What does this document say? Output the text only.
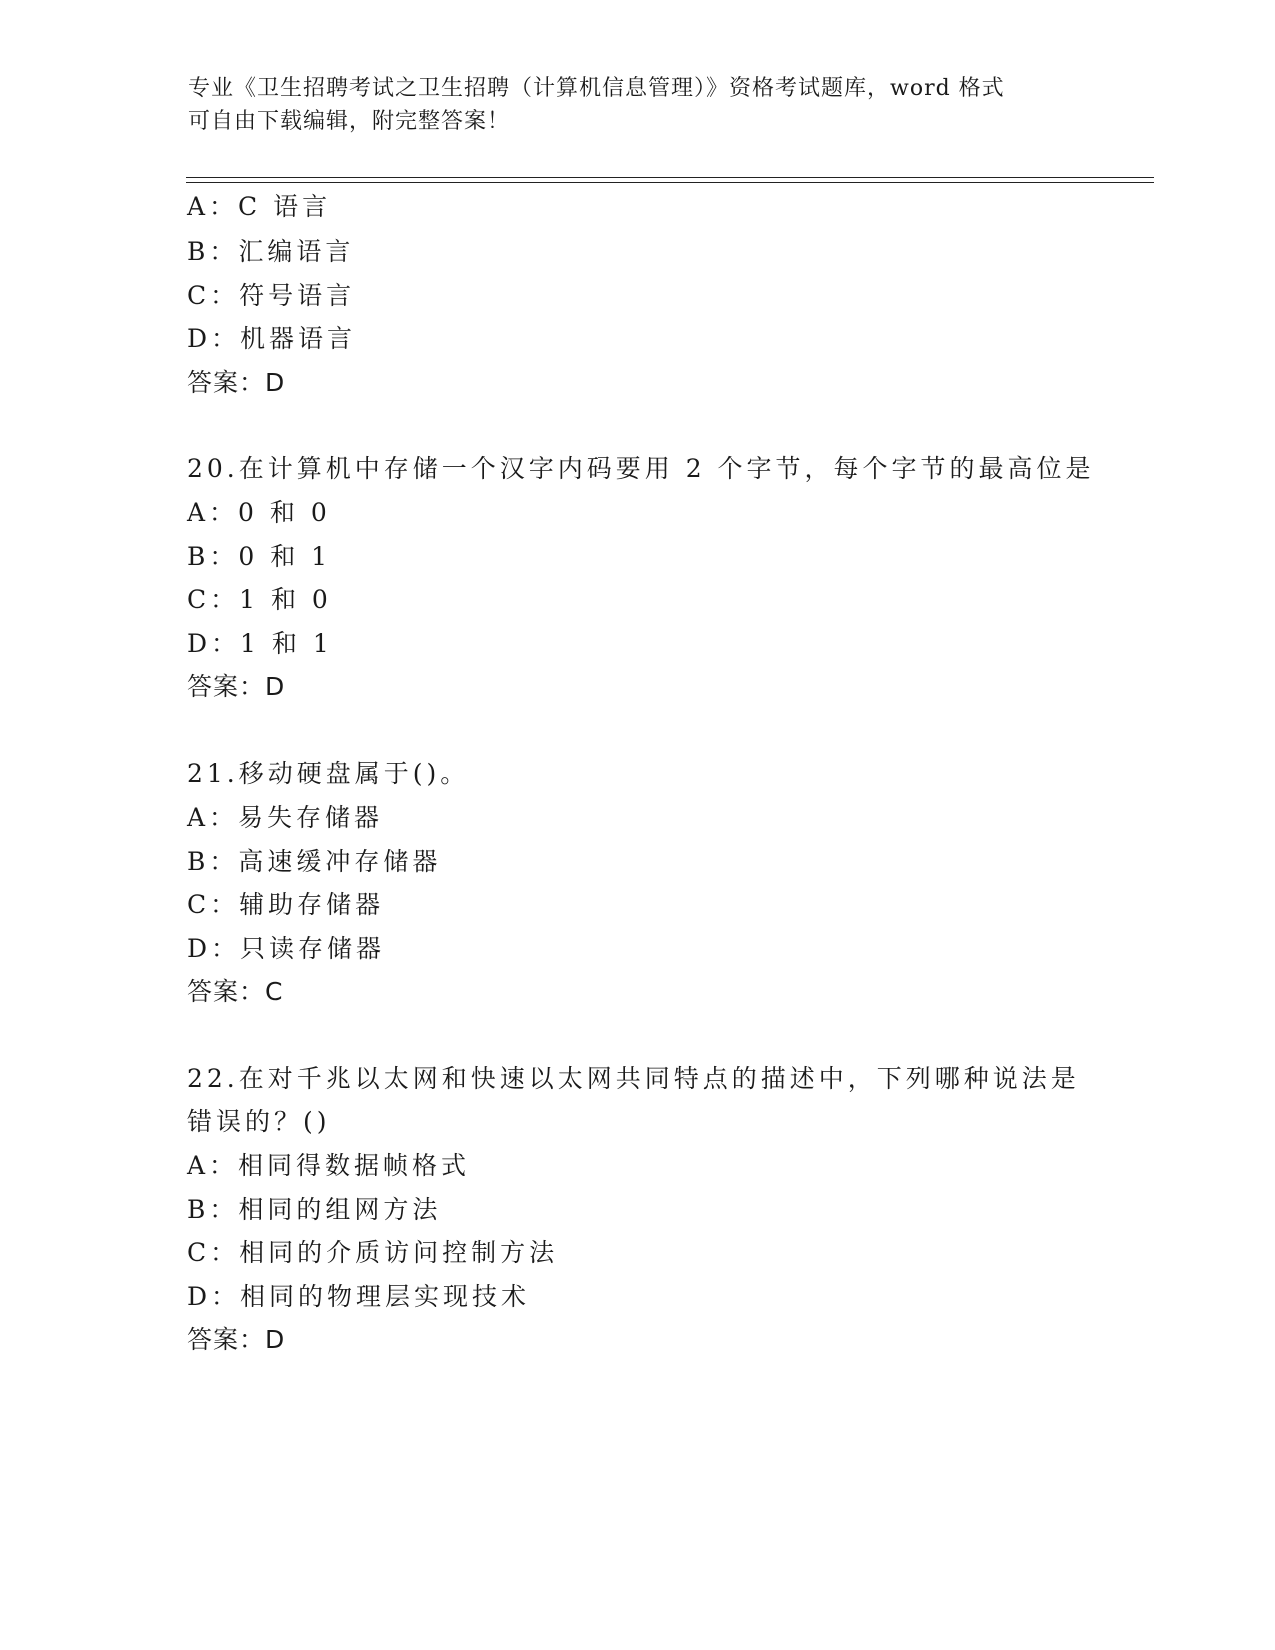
专业《卫生招聘考试之卫生招聘（计算机信息管理）》资格考试题库，word 格式
可自由下载编辑，附完整答案！
A：C 语言
B：汇编语言
C：符号语言
D：机器语言
答案：D
20.在计算机中存储一个汉字内码要用 2 个字节，每个字节的最高位是
A：0 和 0
B：0 和 1
C：1 和 0
D：1 和 1
答案：D
21.移动硬盘属于()。
A：易失存储器
B：高速缓冲存储器
C：辅助存储器
D：只读存储器
答案：C
22.在对千兆以太网和快速以太网共同特点的描述中，下列哪种说法是
错误的？()
A：相同得数据帧格式
B：相同的组网方法
C：相同的介质访问控制方法
D：相同的物理层实现技术
答案：D
